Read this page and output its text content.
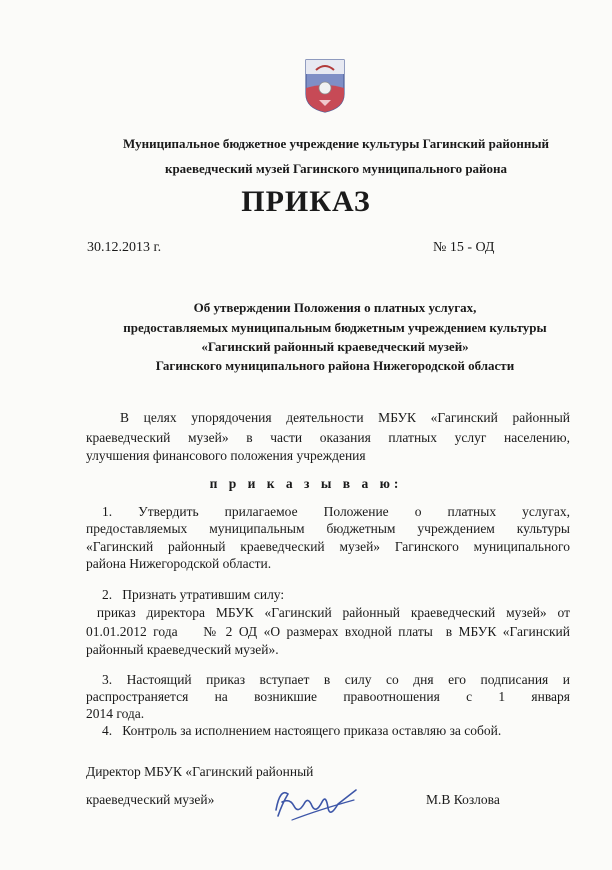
Муниципальное бюджетное учреждение культуры Гагинский районный
краеведческий музей Гагинского муниципального района
ПРИКАЗ
30.12.2013 г.	№ 15 - ОД
Об утверждении Положения о платных услугах,
предоставляемых муниципальным бюджетным учреждением культуры
«Гагинский районный краеведческий музей»
Гагинского муниципального района Нижегородской области
В целях упорядочения деятельности МБУК «Гагинский районный
краеведческий музей» в части оказания платных услуг населению,
улучшения финансового положения учреждения
п р и к а з ы в а ю:
1. Утвердить прилагаемое Положение о платных услугах,
предоставляемых муниципальным бюджетным учреждением культуры
«Гагинский районный краеведческий музей» Гагинского муниципального
района Нижегородской области.
2.   Признать утратившим силу:
приказ директора МБУК «Гагинский районный краеведческий музей» от
01.01.2012 года    № 2 ОД «О размерах входной платы  в МБУК «Гагинский
районный краеведческий музей».
3. Настоящий приказ вступает в силу со дня его подписания и
распространяется на возникшие правоотношения с 1 января
2014 года.
4.   Контроль за исполнением настоящего приказа оставляю за собой.
Директор МБУК «Гагинский районный
краеведческий музей»	М.В Козлова
